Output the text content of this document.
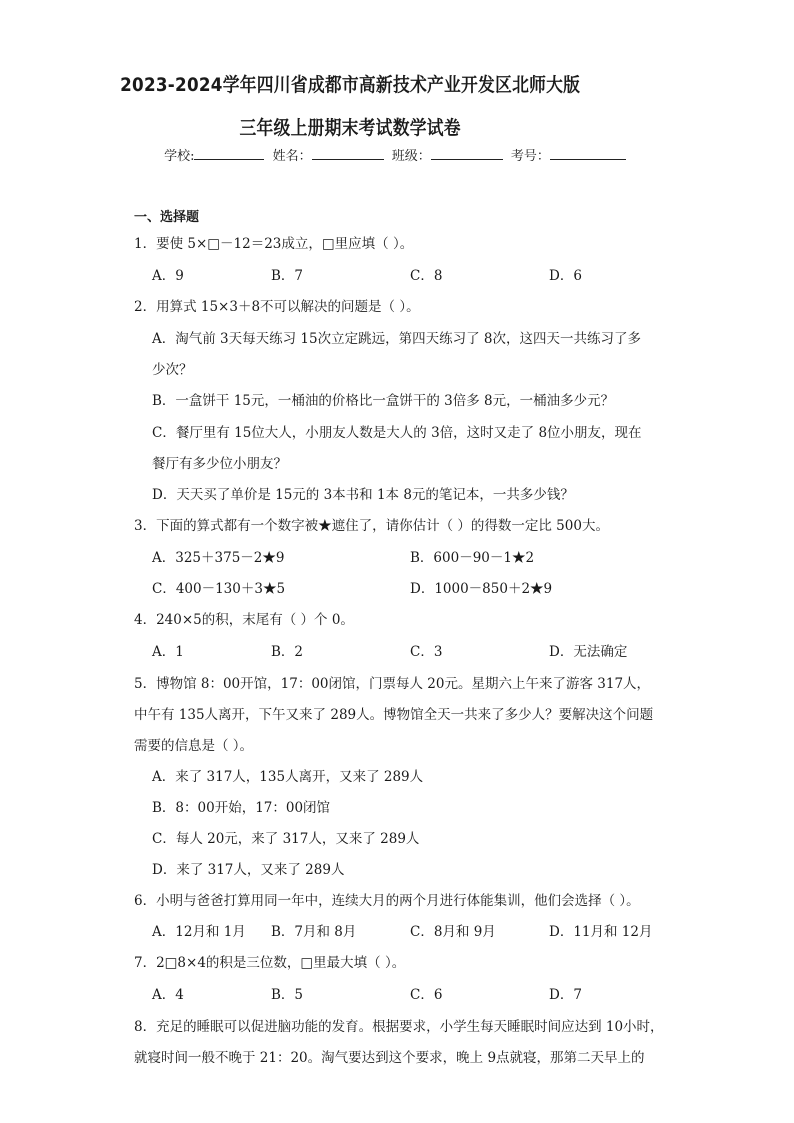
2023-2024学年四川省成都市高新技术产业开发区北师大版
三年级上册期末考试数学试卷
学校:	姓名：	班级：	考号：
一、选择题
1．要使 5×□－12＝23成立，□里应填（ ）。
A．9	B．7	C．8	D．6
2．用算式 15×3＋8不可以解决的问题是（ ）。
A．淘气前 3天每天练习 15次立定跳远，第四天练习了 8次，这四天一共练习了多
少次？
B．一盒饼干 15元，一桶油的价格比一盒饼干的 3倍多 8元，一桶油多少元？
C．餐厅里有 15位大人，小朋友人数是大人的 3倍，这时又走了 8位小朋友，现在
餐厅有多少位小朋友？
D．天天买了单价是 15元的 3本书和 1本 8元的笔记本，一共多少钱？
3．下面的算式都有一个数字被★遮住了，请你估计（ ）的得数一定比 500大。
A．325＋375－2★9	B．600－90－1★2
C．400－130＋3★5	D．1000－850＋2★9
4．240×5的积，末尾有（ ）个 0。
A．1	B．2	C．3	D．无法确定
5．博物馆 8：00开馆，17：00闭馆，门票每人 20元。星期六上午来了游客 317人，
中午有 135人离开，下午又来了 289人。博物馆全天一共来了多少人？要解决这个问题
需要的信息是（ ）。
A．来了 317人，135人离开，又来了 289人
B．8：00开始，17：00闭馆
C．每人 20元，来了 317人，又来了 289人
D．来了 317人，又来了 289人
6．小明与爸爸打算用同一年中，连续大月的两个月进行体能集训，他们会选择（ ）。
A．12月和 1月 B．7月和 8月	C．8月和 9月	D．11月和 12月
7．2□8×4的积是三位数，□里最大填（ ）。
A．4	B．5	C．6	D．7
8．充足的睡眠可以促进脑功能的发育。根据要求，小学生每天睡眠时间应达到 10小时，
就寝时间一般不晚于 21：20。淘气要达到这个要求，晚上 9点就寝，那第二天早上的
